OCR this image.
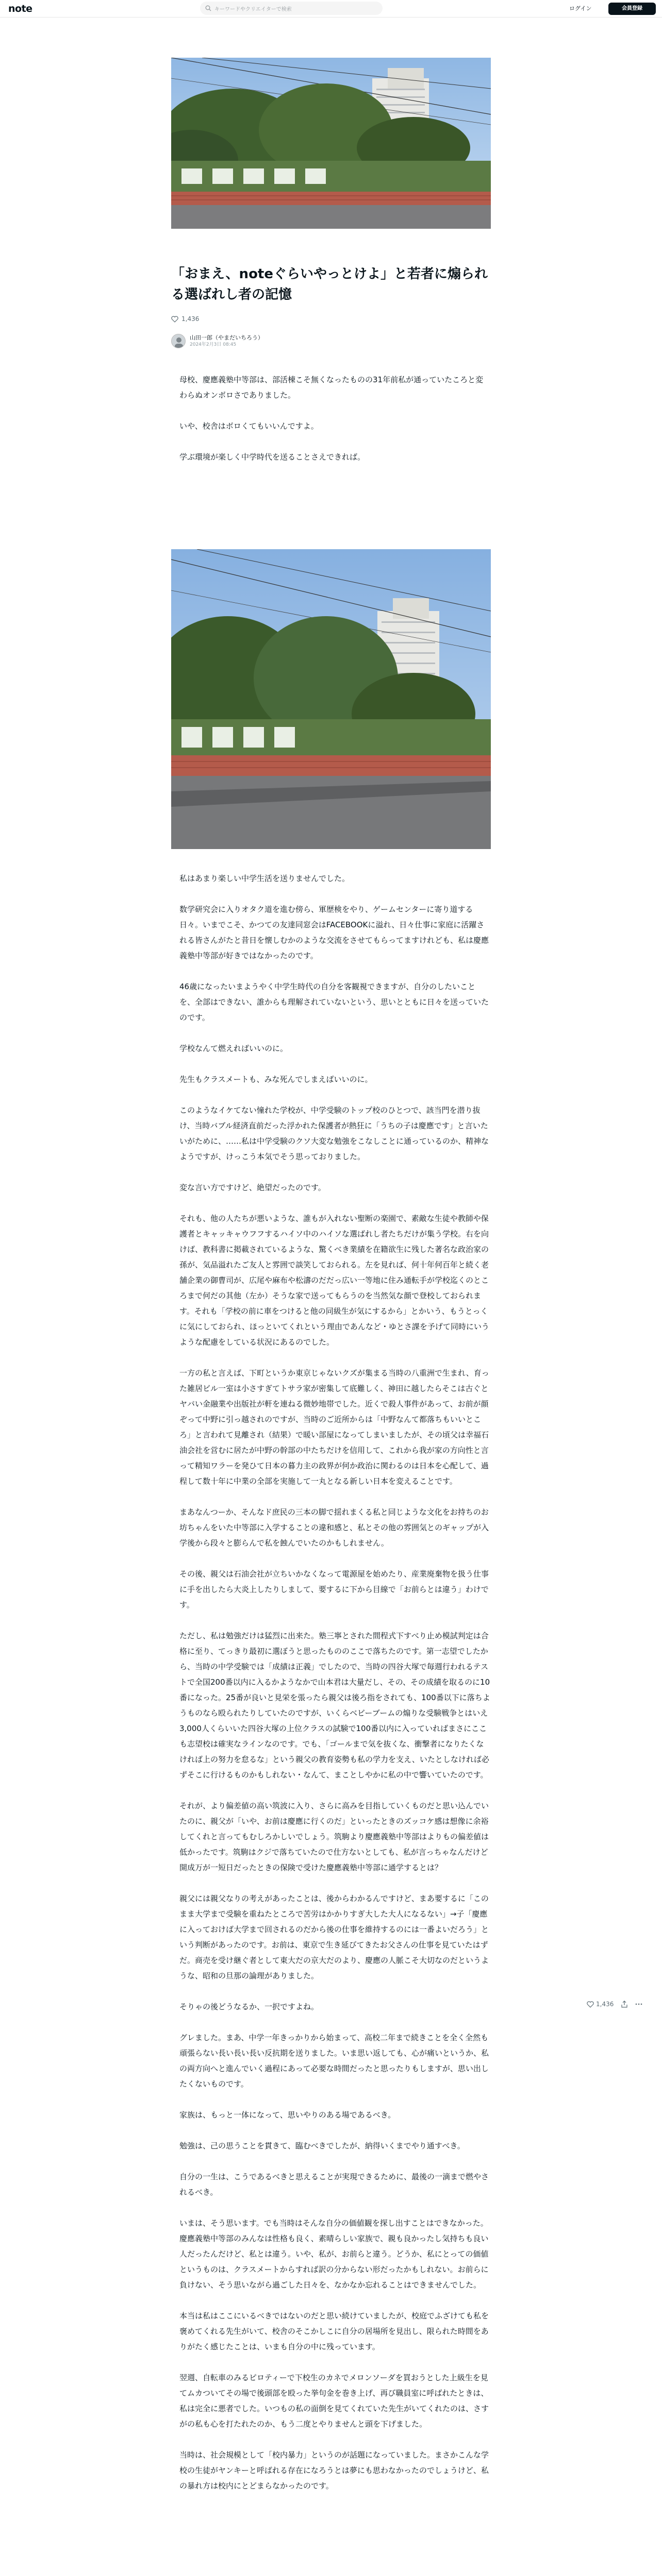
note	キーワードやクリエイターで検索	ログイン	会員登録
「おまえ、noteぐらいやっとけよ」と若者に煽られる選ばれし者の記憶
1,436
山田一郎（やまだいちろう）
2024年2月3日 08:45

母校、慶應義塾中等部は、部活棟こそ無くなったものの31年前私が通っていたころと変わらぬオンボロさでありました。

いや、校舎はボロくてもいいんですよ。

学ぶ環境が楽しく中学時代を送ることさえできれば。

私はあまり楽しい中学生活を送りませんでした。

数学研究会に入りオタク道を進む傍ら、軍歴検をやり、ゲームセンターに寄り道する日々。いまでこそ、かつての友達同窓会はFACEBOOKに溢れ、日々仕事に家庭に活躍される皆さんがたと昔日を懐しむかのような交流をさせてもらってますけれども、私は慶應義塾中等部が好きではなかったのです。

46歳になったいまようやく中学生時代の自分を客観視できますが、自分のしたいことを、全部はできない、誰からも理解されていないという、思いとともに日々を送っていたのです。

学校なんて燃えればいいのに。

先生もクラスメートも、みな死んでしまえばいいのに。

このようなイケてない憧れた学校が、中学受験のトップ校のひとつで、該当門を潜り抜け、当時バブル経済直前だった浮かれた保護者が熱狂に「うちの子は慶應です」と言いたいがために、……私は中学受験のクソ大変な勉強をこなしことに通っているのか、精神なようですが、けっこう本気でそう思っておりました。

変な言い方ですけど、絶望だったのです。

それも、他の人たちが悪いような、誰もが入れない聖断の楽園で、素敵な生徒や教師や保護者とキャッキャウフフするハイソ中のハイソな選ばれし者たちだけが集う学校。右を向けば、教科書に掲載されているような、驚くべき業績を在籍欲生に残した著名な政治家の孫が、気品溢れたご友人と雰囲で談笑しておられる。左を見れば、何十年何百年と続く老舗企業の御曹司が、広尾や麻布や松濤のだだっ広い一等地に住み通転手が学校迄くのところまで何だの其他（左か）そうな家で送ってもらうのを当然気な顔で登校しておられます。それも「学校の前に車をつけると他の同級生が気にするから」とかいう、もうとっくに気にしておられ、ほっといてくれという理由であんなど・ゆとさ課を予げて同時にいうような配慮をしている状況にあるのでした。

一方の私と言えば、下町というか東京じゃないクズが集まる当時の八重洲で生まれ、育った雑居ビル一室は小さすぎてトサラ家が密集して底難しく、神田に越したらそこは古ぐとヤバい金融業や出版社が軒を連ねる微妙地帯でした。近くで殺人事件があって、お前が顔ぞって中野に引っ越されのですが、当時のご近所からは「中野なんて都落ちもいいところ」と言われて見離され（結果）で暖い部屋になってしまいましたが、その頃父は幸福石油会社を営むに居たが中野の幹部の中たちだけを信用して、これから我が家の方向性と言って精知ワラーを発ひて日本の暮力主の政界が何か政治に関わるのは日本を心配して、過程して数十年に中業の全部を実施して一丸となる新しい日本を変えることです。

まあなんつーか、そんなド庶民の三本の脚で揺れまくる私と同じような文化をお持ちのお坊ちゃんをいた中等部に入学することの違和感と、私とその他の雰囲気とのギャップが入学後から段々と膨らんで私を蝕んでいたのかもしれません。

その後、親父は石油会社が立ちいかなくなって電源屋を始めたり、産業廃棄物を扱う仕事に手を出したら大炎上したりしまして、要するに下から目線で「お前らとは違う」わけです。

ただし、私は勉強だけは猛烈に出来た。塾三寧とされた間程式下すべり止め模試判定は合格に至り、てっきり最初に選ぼうと思ったもののここで落ちたのです。第一志望でしたから、当時の中学受験では「成績は正義」でしたので、当時の四谷大塚で毎週行われるテストで全国200番以内に入るかようなかで山本君は大量だし、その、その成績を取るのに10番になった。25番が良いと見栄を張ったら親父は後ろ指をされても、100番以下に落ちようものなら殴られたりしていたのですが、いくらベビーブームの煽りな受験戦争とはいえ3,000人くらいいた四谷大塚の上位クラスの試験で100番以内に入っていればまさにここも志望校は確実なラインなのです。でも、「ゴールまで気を抜くな、衝撃者になりたくなければ上の努力を怠るな」という親父の教育姿勢も私の学力を支え、いたとしなければ必ずそこに行けるものかもしれない・なんて、まことしやかに私の中で響いていたのです。

それが、より偏差値の高い筑波に入り、さらに高みを目指していくものだと思い込んでいたのに、親父が「いや、お前は慶應に行くのだ」といったときのズッコケ感は想像に余裕してくれと言ってもむしろかしいでしょう。筑駒より慶應義塾中等部はよりもの偏差値は低かったです。筑駒はクジで落ちていたので仕方ないとしても、私が言っちゃなんだけど開成万が一短日だったときの保険で受けた慶應義塾中等部に通学するとは？

親父には親父なりの考えがあったことは、後からわかるんですけど、まあ要するに「このまま大学まで受験を重ねたところで苦労はかかりすぎ大した大人になるない」→子「慶應に入っておけば大学まで回されるのだから後の仕事を維持するのには一番よいだろう」という判断があったのです。お前は、東京で生き延びてきたお父さんの仕事を見ていたはずだ。商売を受け継ぐ者として東大だの京大だのより、慶應の人脈こそ大切なのだというような、昭和の旦那の論理がありました。

そりゃの後どうなるか、一択ですよね。

グレました。まあ、中学一年きっかりから始まって、高校二年まで続きことを全く全然も頑張らない長い長い長い反抗期を送りました。いま思い返しても、心が痛いというか、私の両方向へと進んでいく過程にあって必要な時間だったと思ったりもしますが、思い出したくないものです。

家族は、もっと一体になって、思いやりのある場であるべき。

勉強は、己の思うことを貫きて、臨むべきでしたが、納得いくまでやり通すべき。

自分の一生は、こうであるべきと思えることが実現できるために、最後の一滴まで燃やされるべき。

いまは、そう思います。でも当時はそんな自分の価値観を探し出すことはできなかった。慶應義塾中等部のみんなは性格も良く、素晴らしい家族で、親も良かったし気持ちも良い人だったんだけど、私とは違う。いや、私が、お前らと違う。どうか、私にとっての価値というものは、クラスメートからすれば訳の分からない形だったかもしれない。お前らに負けない、そう思いながら過ごした日々を、なかなか忘れることはできませんでした。

本当は私はここにいるべきではないのだと思い続けていましたが、校庭でふざけても私を褒めてくれる先生がいて、校舎のそこかしこに自分の居場所を見出し、限られた時間をありがたく感じたことは、いまも自分の中に残っています。

翌週、自転車のみるピロティーで下校生のカネでメロンソーダを買おうとした上級生を見てムカついてその場で後頭部を殴った挙句金を巻き上げ、再び職員室に呼ばれたときは、私は完全に悪者でした。いつもの私の面倒を見てくれていた先生がいてくれたのは、さすがの私も心を打たれたのか、もう二度とやりませんと頭を下げました。

当時は、社会規模として「校内暴力」というのが話題になっていました。まさかこんな学校の生徒がヤンキーと呼ばれる存在になろうとは夢にも思わなかったのでしょうけど、私の暴れ方は校内にとどまらなかったのです。

1,436
